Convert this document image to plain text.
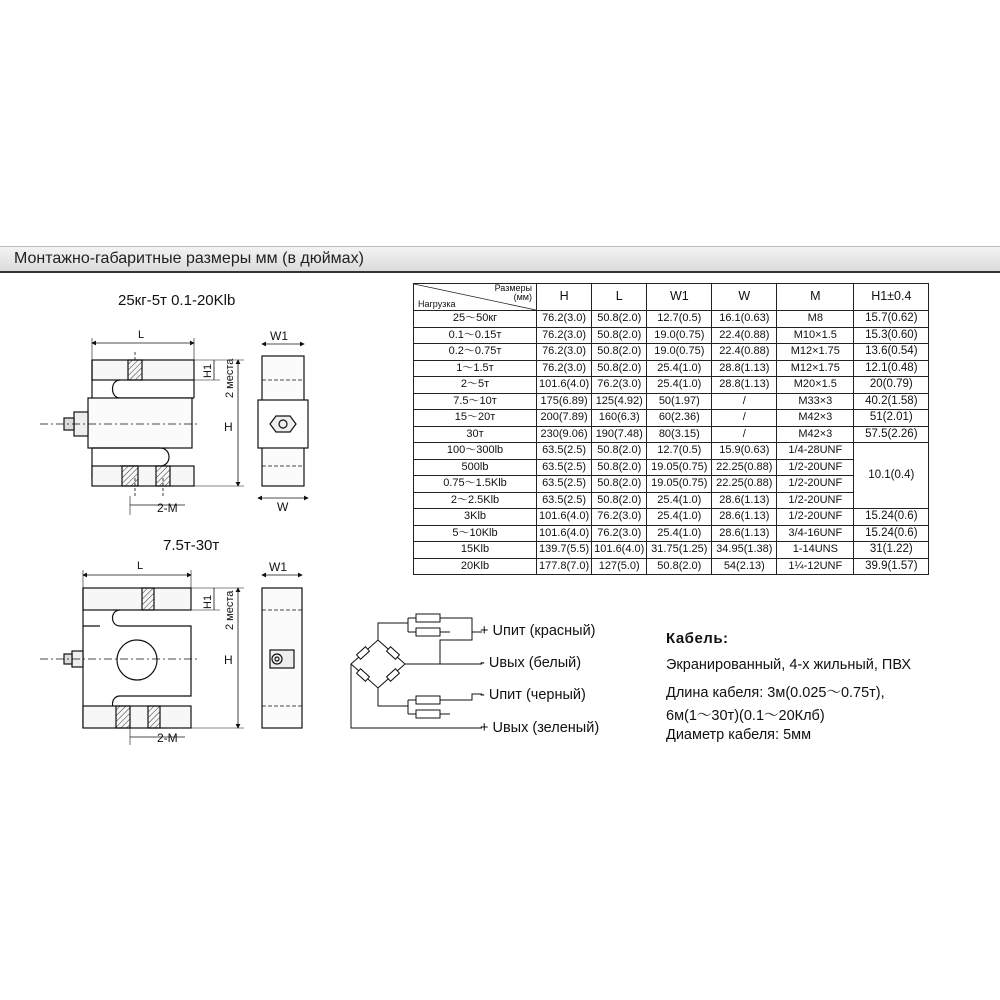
Монтажно-габаритные размеры мм (в дюймах)
25кг-5т 0.1-20Klb
L
H
H1 2 места
2-M
W1
W
7.5т-30т
L
H
H1 2 места
2-M
W1
+ Uпит (красный)
- Uвых (белый)
- Uпит (черный)
+ Uвых (зеленый)
Кабель:
Экранированный, 4-х жильный, ПВХ
Длина кабеля: 3м(0.025～0.75т),
6м(1～30т)(0.1～20Клб)
Диаметр кабеля: 5мм
Размеры
(мм)
Нагрузка	H	L	W1	W	M	H1±0.4
25～50кг	76.2(3.0)	50.8(2.0)	12.7(0.5)	16.1(0.63)	M8	15.7(0.62)
0.1～0.15т	76.2(3.0)	50.8(2.0)	19.0(0.75)	22.4(0.88)	M10×1.5	15.3(0.60)
0.2～0.75т	76.2(3.0)	50.8(2.0)	19.0(0.75)	22.4(0.88)	M12×1.75	13.6(0.54)
1～1.5т	76.2(3.0)	50.8(2.0)	25.4(1.0)	28.8(1.13)	M12×1.75	12.1(0.48)
2～5т	101.6(4.0)	76.2(3.0)	25.4(1.0)	28.8(1.13)	M20×1.5	20(0.79)
7.5～10т	175(6.89)	125(4.92)	50(1.97)	/	M33×3	40.2(1.58)
15～20т	200(7.89)	160(6.3)	60(2.36)	/	M42×3	51(2.01)
30т	230(9.06)	190(7.48)	80(3.15)	/	M42×3	57.5(2.26)
100～300lb	63.5(2.5)	50.8(2.0)	12.7(0.5)	15.9(0.63)	1/4-28UNF	10.1(0.4)
500lb	63.5(2.5)	50.8(2.0)	19.05(0.75)	22.25(0.88)	1/2-20UNF	
0.75～1.5Klb	63.5(2.5)	50.8(2.0)	19.05(0.75)	22.25(0.88)	1/2-20UNF	
2～2.5Klb	63.5(2.5)	50.8(2.0)	25.4(1.0)	28.6(1.13)	1/2-20UNF	
3Klb	101.6(4.0)	76.2(3.0)	25.4(1.0)	28.6(1.13)	1/2-20UNF	15.24(0.6)
5～10Klb	101.6(4.0)	76.2(3.0)	25.4(1.0)	28.6(1.13)	3/4-16UNF	15.24(0.6)
15Klb	139.7(5.5)	101.6(4.0)	31.75(1.25)	34.95(1.38)	1-14UNS	31(1.22)
20Klb	177.8(7.0)	127(5.0)	50.8(2.0)	54(2.13)	1¼-12UNF	39.9(1.57)
